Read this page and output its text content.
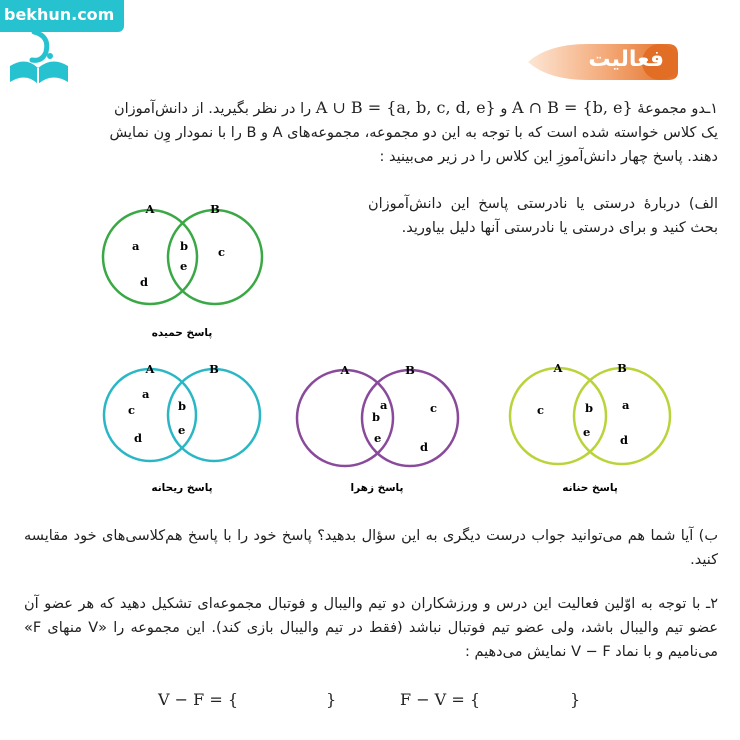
bekhun.com
فعالیت
۱ـدو مجموعهٔ A ∩ B = {b, e} و A ∪ B = {a, b, c, d, e} را در نظر بگیرید. از دانش‌آموزان
یک کلاس خواسته شده است که با توجه به این دو مجموعه، مجموعه‌های A و B را با نمودار وِن نمایش
دهند. پاسخ چهار دانش‌آموزِ این کلاس را در زیر می‌بینید :
الف) دربارهٔ درستی یا نادرستی پاسخ این دانش‌آموزان بحث کنید و برای درستی یا نادرستی آنها دلیل بیاورید.
A	B
a
d
b
e
c
پاسخ حمیده
A	B
a
c
d
b
e
پاسخ ریحانه
A	B
b
a
e
c
d
پاسخ زهرا
A	B
c	b
e
a
d
پاسخ حنانه
ب) آیا شما هم می‌توانید جواب درست دیگری به این سؤال بدهید؟ پاسخ خود را با پاسخ هم‌کلاسی‌های خود مقایسه کنید.
۲ـ با توجه به اوّلین فعالیت این درس و ورزشکاران دو تیم والیبال و فوتبال مجموعه‌ای تشکیل دهید که هر عضو آن عضو تیم والیبال باشد، ولی عضو تیم فوتبال نباشد (فقط در تیم والیبال بازی کند). این مجموعه را «V منهای F» می‌نامیم و با نماد V − F نمایش می‌دهیم :
F − V = {	}
V − F = {	}
